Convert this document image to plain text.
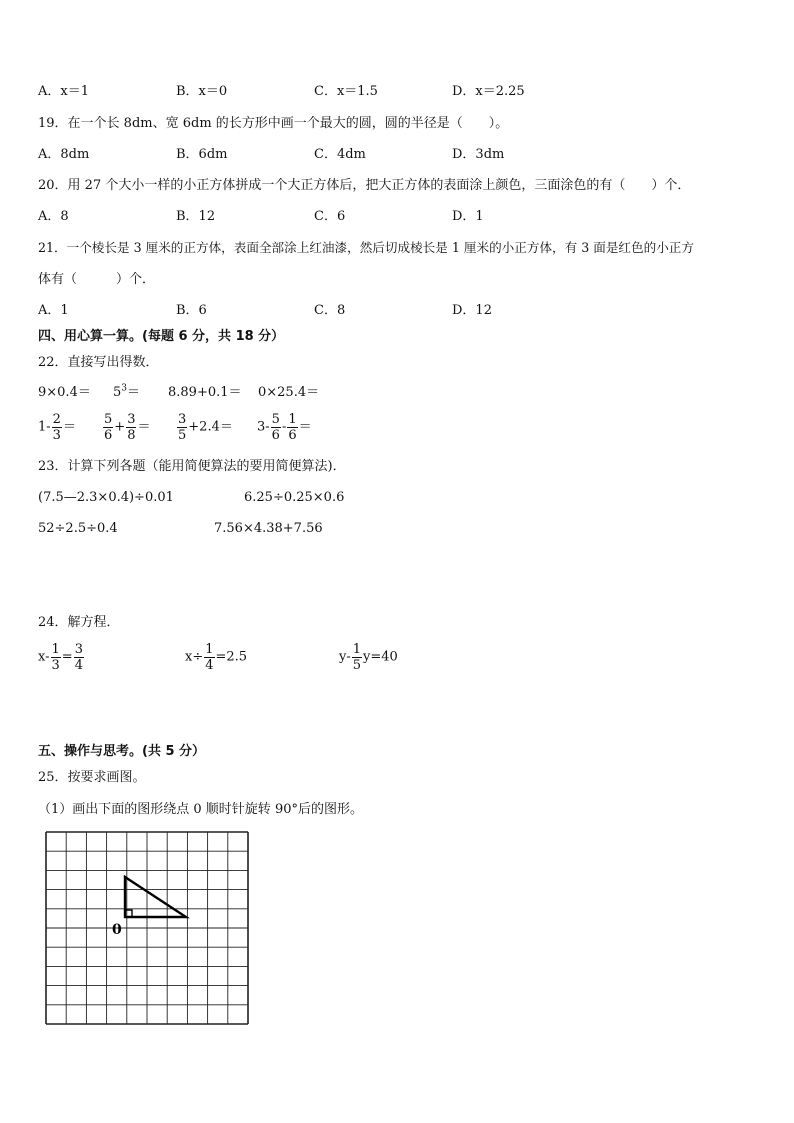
A．x＝1	B．x＝0	C．x＝1.5	D．x＝2.25
19．在一个长 8dm、宽 6dm 的长方形中画一个最大的圆，圆的半径是（　　）。
A．8dm	B．6dm	C．4dm	D．3dm
20．用 27 个大小一样的小正方体拼成一个大正方体后，把大正方体的表面涂上颜色，三面涂色的有（　　）个．
A．8	B．12	C．6	D．1
21．一个棱长是 3 厘米的正方体，表面全部涂上红油漆，然后切成棱长是 1 厘米的小正方体，有 3 面是红色的小正方
体有（　　　）个．
A．1	B．6	C．8	D．12
四、用心算一算。(每题 6 分，共 18 分）
22．直接写出得数．
$9\times 0.4= 5^3= 8.89+0.1= 0\times 25.4=$
$1- \frac{2}{3} = \frac{5}{6} + \frac{3}{8} = \frac{3}{5} +2.4= 3- \frac{5}{6} - \frac{1}{6}$ ＝
23．计算下列各题（能用简便算法的要用简便算法)．
(7.5—2.3×0.4)÷0.01	6.25÷0.25×0.6
52÷2.5÷0.4	7.56×4.38+7.56
24．解方程．
$x- \frac{1}{3} = \frac{3}{4}$	$x\div \frac{1}{4} =2.5$	$y- \frac{1}{5} y=40$
五、操作与思考。(共 5 分）
25．按要求画图。
（1）画出下面的图形绕点 0 顺时针旋转 90°后的图形。
0
